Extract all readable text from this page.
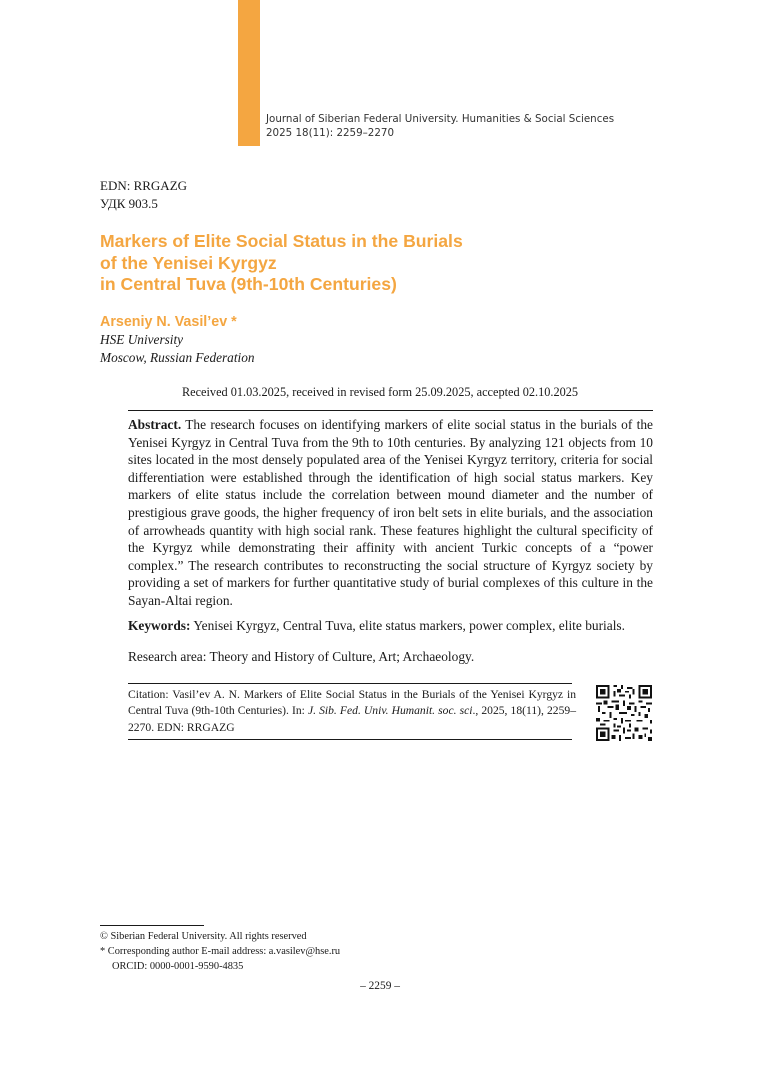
Journal of Siberian Federal University. Humanities & Social Sciences
2025 18(11): 2259–2270
EDN: RRGAZG
УДК 903.5
Markers of Elite Social Status in the Burials
of the Yenisei Kyrgyz
in Central Tuva (9th-10th Centuries)
Arseniy N. Vasil’ev *
HSE University
Moscow, Russian Federation
Received 01.03.2025, received in revised form 25.09.2025, accepted 02.10.2025
Abstract. The research focuses on identifying markers of elite social status in the burials of the Yenisei Kyrgyz in Central Tuva from the 9th to 10th centuries. By analyzing 121 objects from 10 sites located in the most densely populated area of the Yenisei Kyrgyz territory, criteria for social differentiation were established through the identification of high social status markers. Key markers of elite status include the correlation between mound diameter and the number of prestigious grave goods, the higher frequency of iron belt sets in elite burials, and the association of arrowheads quantity with high social rank. These features highlight the cultural specificity of the Kyrgyz while demonstrating their affinity with ancient Turkic concepts of a “power complex.” The research contributes to reconstructing the social structure of Kyrgyz society by providing a set of markers for further quantitative study of burial complexes of this culture in the Sayan-Altai region.
Keywords: Yenisei Kyrgyz, Central Tuva, elite status markers, power complex, elite burials.
Research area: Theory and History of Culture, Art; Archaeology.
Citation: Vasil’ev A. N. Markers of Elite Social Status in the Burials of the Yenisei Kyrgyz in Central Tuva (9th-10th Centuries). In: J. Sib. Fed. Univ. Humanit. soc. sci., 2025, 18(11), 2259–2270. EDN: RRGAZG
© Siberian Federal University. All rights reserved
* Corresponding author E-mail address: a.vasilev@hse.ru
ORCID: 0000-0001-9590-4835
– 2259 –
